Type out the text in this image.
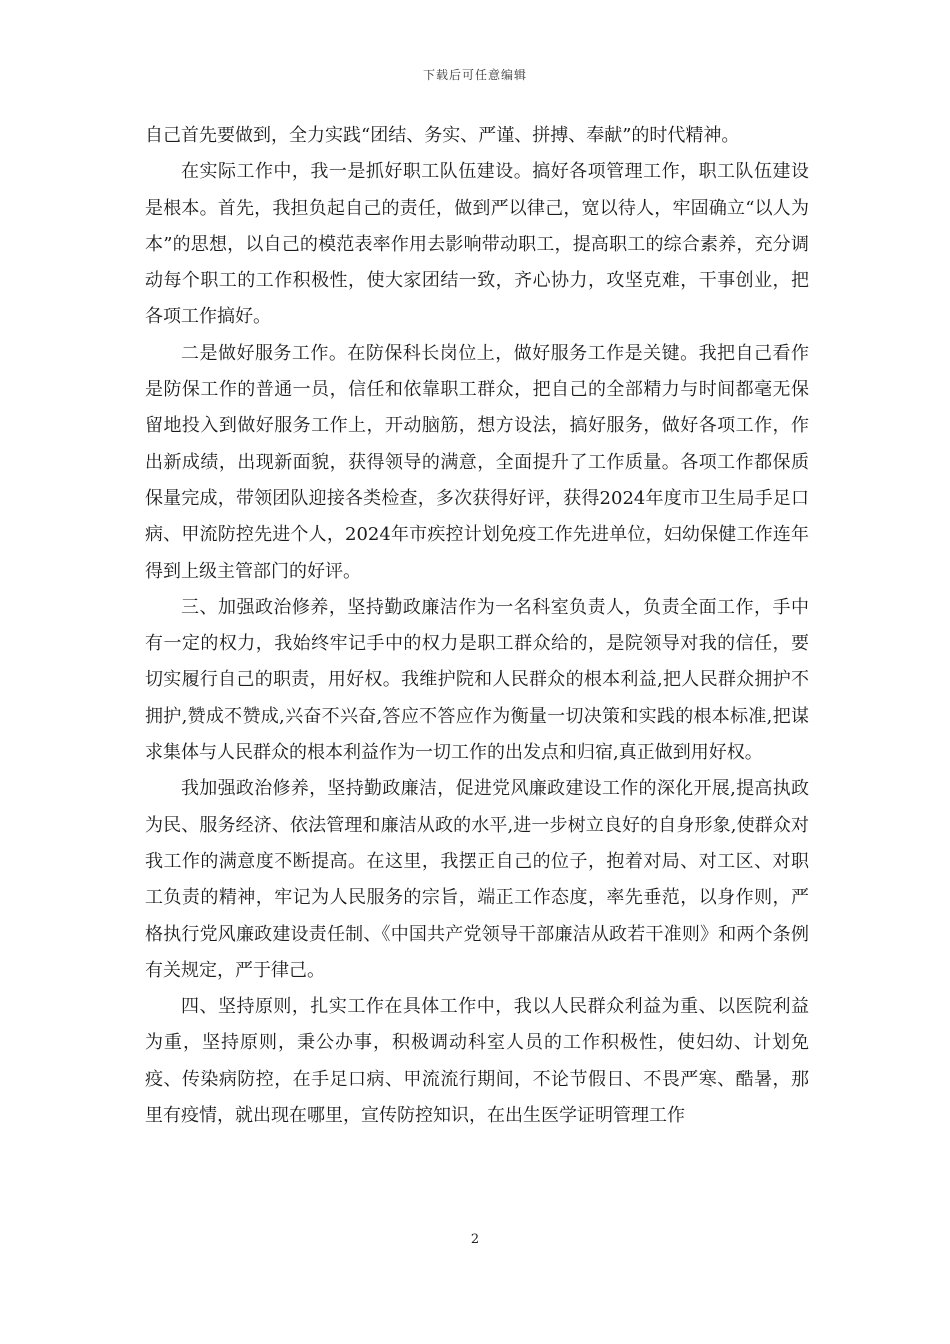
下载后可任意编辑

自己首先要做到，全力实践“团结、务实、严谨、拼搏、奉献”的时代精神。

在实际工作中，我一是抓好职工队伍建设。搞好各项管理工作，职工队伍建设是根本。首先，我担负起自己的责任，做到严以律己，宽以待人，牢固确立“以人为本”的思想，以自己的模范表率作用去影响带动职工，提高职工的综合素养，充分调动每个职工的工作积极性，使大家团结一致，齐心协力，攻坚克难，干事创业，把各项工作搞好。

二是做好服务工作。在防保科长岗位上，做好服务工作是关键。我把自己看作是防保工作的普通一员，信任和依靠职工群众，把自己的全部精力与时间都毫无保留地投入到做好服务工作上，开动脑筋，想方设法，搞好服务，做好各项工作，作出新成绩，出现新面貌，获得领导的满意，全面提升了工作质量。各项工作都保质保量完成，带领团队迎接各类检查，多次获得好评，获得2024年度市卫生局手足口病、甲流防控先进个人，2024年市疾控计划免疫工作先进单位，妇幼保健工作连年得到上级主管部门的好评。

三、加强政治修养，坚持勤政廉洁作为一名科室负责人，负责全面工作，手中有一定的权力，我始终牢记手中的权力是职工群众给的，是院领导对我的信任，要切实履行自己的职责，用好权。我维护院和人民群众的根本利益,把人民群众拥护不拥护,赞成不赞成,兴奋不兴奋,答应不答应作为衡量一切决策和实践的根本标准,把谋求集体与人民群众的根本利益作为一切工作的出发点和归宿,真正做到用好权。

我加强政治修养，坚持勤政廉洁，促进党风廉政建设工作的深化开展,提高执政为民、服务经济、依法管理和廉洁从政的水平,进一步树立良好的自身形象,使群众对我工作的满意度不断提高。在这里，我摆正自己的位子，抱着对局、对工区、对职工负责的精神，牢记为人民服务的宗旨，端正工作态度，率先垂范，以身作则，严格执行党风廉政建设责任制、《中国共产党领导干部廉洁从政若干准则》和两个条例有关规定，严于律己。

四、坚持原则，扎实工作在具体工作中，我以人民群众利益为重、以医院利益为重，坚持原则，秉公办事，积极调动科室人员的工作积极性，使妇幼、计划免疫、传染病防控，在手足口病、甲流流行期间，不论节假日、不畏严寒、酷暑，那里有疫情，就出现在哪里，宣传防控知识，在出生医学证明管理工作

2
